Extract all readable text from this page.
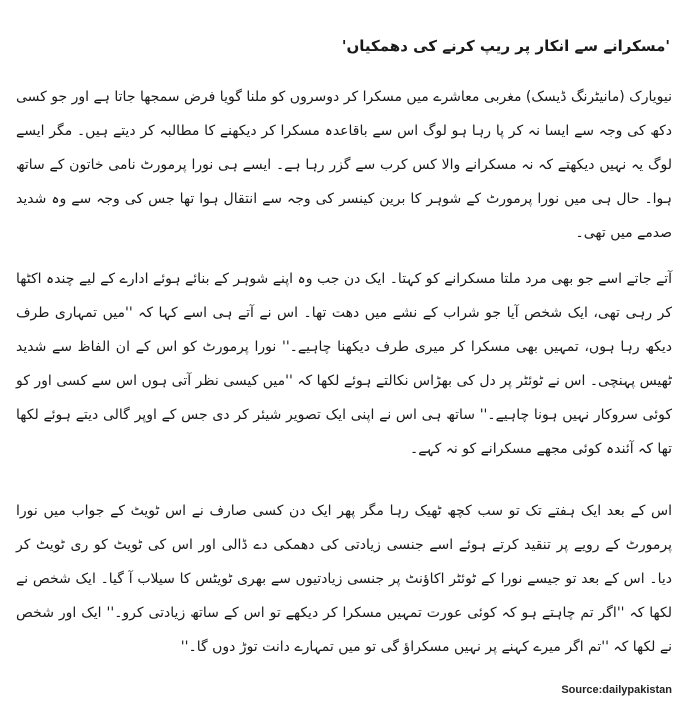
'مسکرانے سے انکار پر ریپ کرنے کی دھمکیاں'

نیویارک (مانیٹرنگ ڈیسک) مغربی معاشرے میں مسکرا کر دوسروں کو ملنا گویا فرض سمجھا جاتا ہے اور جو کسی دکھ کی وجہ سے ایسا نہ کر پا رہا ہو لوگ اس سے باقاعدہ مسکرا کر دیکھنے کا مطالبہ کر دیتے ہیں۔ مگر ایسے لوگ یہ نہیں دیکھتے کہ نہ مسکرانے والا کس کرب سے گزر رہا ہے۔ ایسے ہی نورا پرمورٹ نامی خاتون کے ساتھ ہوا۔ حال ہی میں نورا پرمورٹ کے شوہر کا برین کینسر کی وجہ سے انتقال ہوا تھا جس کی وجہ سے وہ شدید صدمے میں تھی۔

آتے جاتے اسے جو بھی مرد ملتا مسکرانے کو کہتا۔ ایک دن جب وہ اپنے شوہر کے بنائے ہوئے ادارے کے لیے چندہ اکٹھا کر رہی تھی، ایک شخص آیا جو شراب کے نشے میں دھت تھا۔ اس نے آتے ہی اسے کہا کہ ''میں تمہاری طرف دیکھ رہا ہوں، تمہیں بھی مسکرا کر میری طرف دیکھنا چاہیے۔'' نورا پرمورٹ کو اس کے ان الفاظ سے شدید ٹھیس پہنچی۔ اس نے ٹوئٹر پر دل کی بھڑاس نکالتے ہوئے لکھا کہ ''میں کیسی نظر آتی ہوں اس سے کسی اور کو کوئی سروکار نہیں ہونا چاہیے۔'' ساتھ ہی اس نے اپنی ایک تصویر شیئر کر دی جس کے اوپر گالی دیتے ہوئے لکھا تھا کہ آئندہ کوئی مجھے مسکرانے کو نہ کہے۔

اس کے بعد ایک ہفتے تک تو سب کچھ ٹھیک رہا مگر پھر ایک دن کسی صارف نے اس ٹویٹ کے جواب میں نورا پرمورٹ کے رویے پر تنقید کرتے ہوئے اسے جنسی زیادتی کی دھمکی دے ڈالی اور اس کی ٹویٹ کو ری ٹویٹ کر دیا۔ اس کے بعد تو جیسے نورا کے ٹوئٹر اکاؤنٹ پر جنسی زیادتیوں سے بھری ٹویٹس کا سیلاب آ گیا۔ ایک شخص نے لکھا کہ ''اگر تم چاہتے ہو کہ کوئی عورت تمہیں مسکرا کر دیکھے تو اس کے ساتھ زیادتی کرو۔'' ایک اور شخص نے لکھا کہ ''تم اگر میرے کہنے پر نہیں مسکراؤ گی تو میں تمہارے دانت توڑ دوں گا۔''

Source:dailypakistan
